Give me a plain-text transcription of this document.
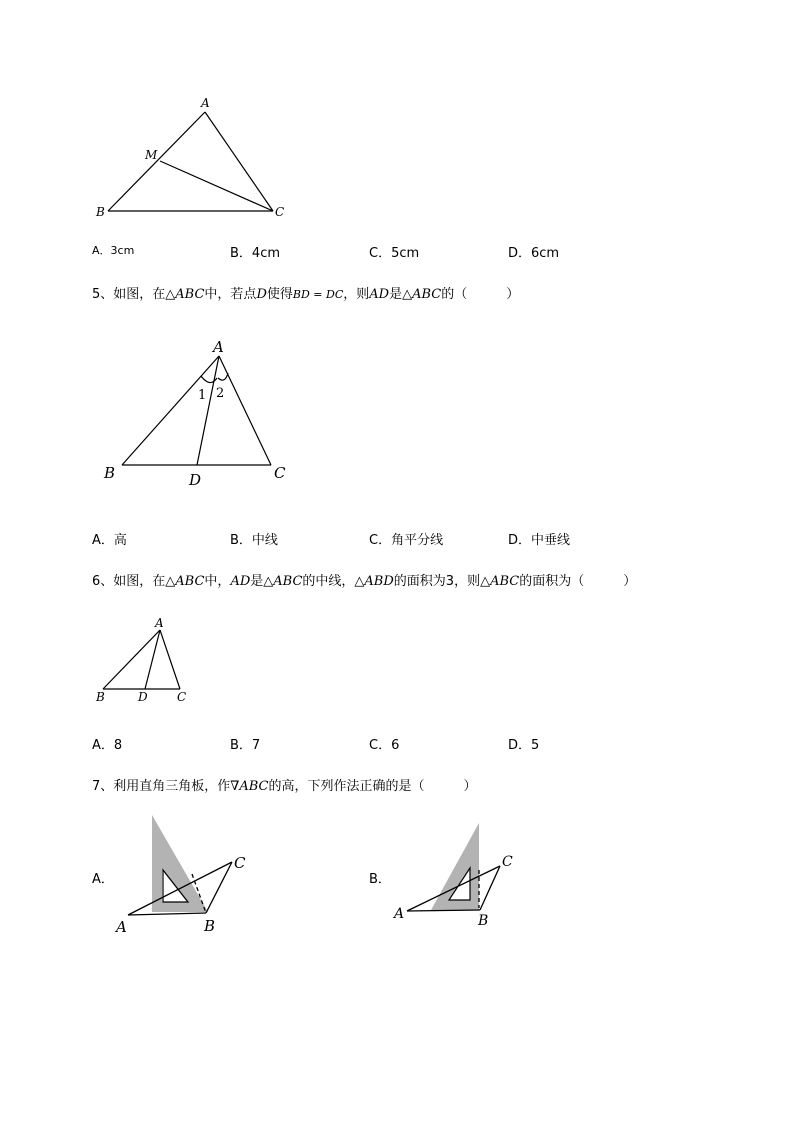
A
M
B	C
A．3cm	B．4cm	C．5cm	D．6cm
5、如图，在△ABC中，若点D使得BD = DC，则AD是△ABC的（　　　）
A
1 2
B	D	C
A．高	B．中线	C．角平分线	D．中垂线
6、如图，在△ABC中，AD是△ABC的中线，△ABD的面积为3，则△ABC的面积为（　　　）
A
B	D C
A．8	B．7	C．6	D．5
7、利用直角三角板，作∇ABC的高，下列作法正确的是（　　　）
A．	B．
A	B
C
A	B
C
